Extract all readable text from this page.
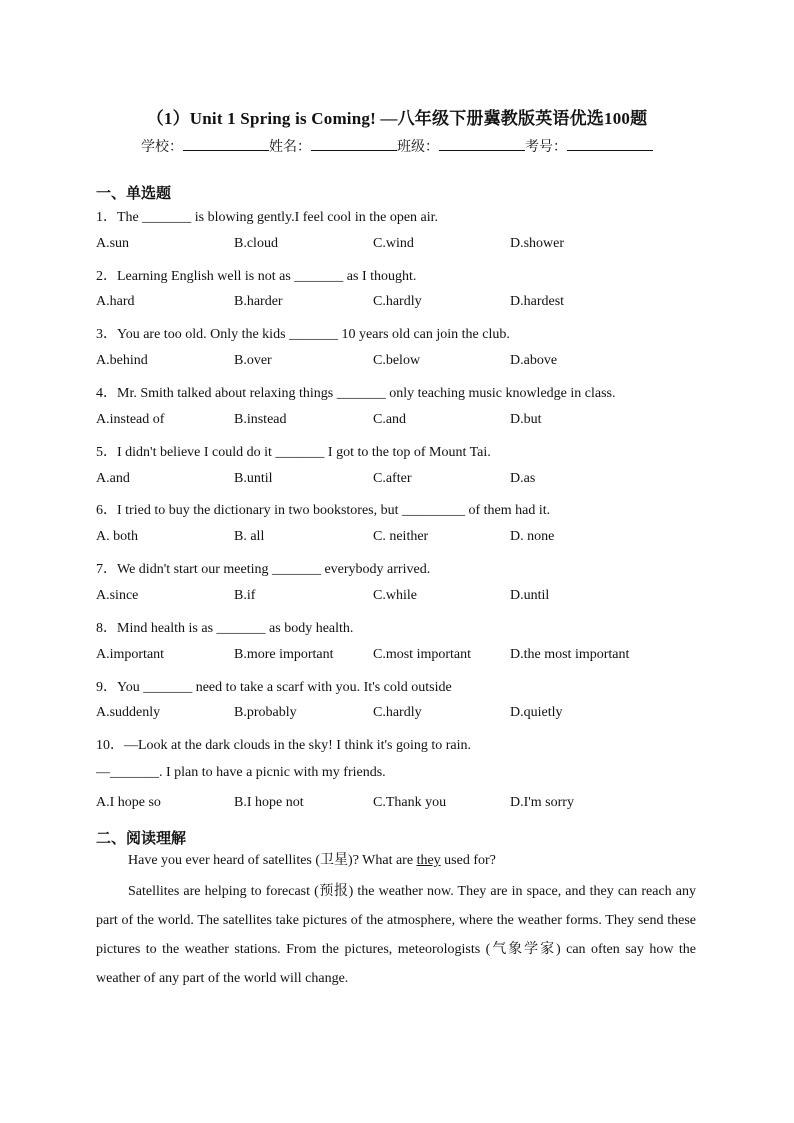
（1）Unit 1 Spring is Coming! —八年级下册冀教版英语优选100题
学校：	姓名：	班级：	考号：
一、单选题
1．The _______ is blowing gently.I feel cool in the open air.
A.sun	B.cloud	C.wind	D.shower
2．Learning English well is not as _______ as I thought.
A.hard	B.harder	C.hardly	D.hardest
3．You are too old. Only the kids _______ 10 years old can join the club.
A.behind	B.over	C.below	D.above
4．Mr. Smith talked about relaxing things _______ only teaching music knowledge in class.
A.instead of	B.instead	C.and	D.but
5．I didn't believe I could do it _______ I got to the top of Mount Tai.
A.and	B.until	C.after	D.as
6．I tried to buy the dictionary in two bookstores, but _________ of them had it.
A. both	B. all	C. neither	D. none
7．We didn't start our meeting _______ everybody arrived.
A.since	B.if	C.while	D.until
8．Mind health is as _______ as body health.
A.important	B.more important	C.most important	D.the most important
9．You _______ need to take a scarf with you. It's cold outside
A.suddenly	B.probably	C.hardly	D.quietly
10．—Look at the dark clouds in the sky! I think it's going to rain.
—_______. I plan to have a picnic with my friends.
A.I hope so	B.I hope not	C.Thank you	D.I'm sorry
二、阅读理解
Have you ever heard of satellites (卫星)? What are they used for?
Satellites are helping to forecast (预报) the weather now. They are in space, and they can reach any part of the world. The satellites take pictures of the atmosphere, where the weather forms. They send these pictures to the weather stations. From the pictures, meteorologists (气象学家) can often say how the weather of any part of the world will change.
